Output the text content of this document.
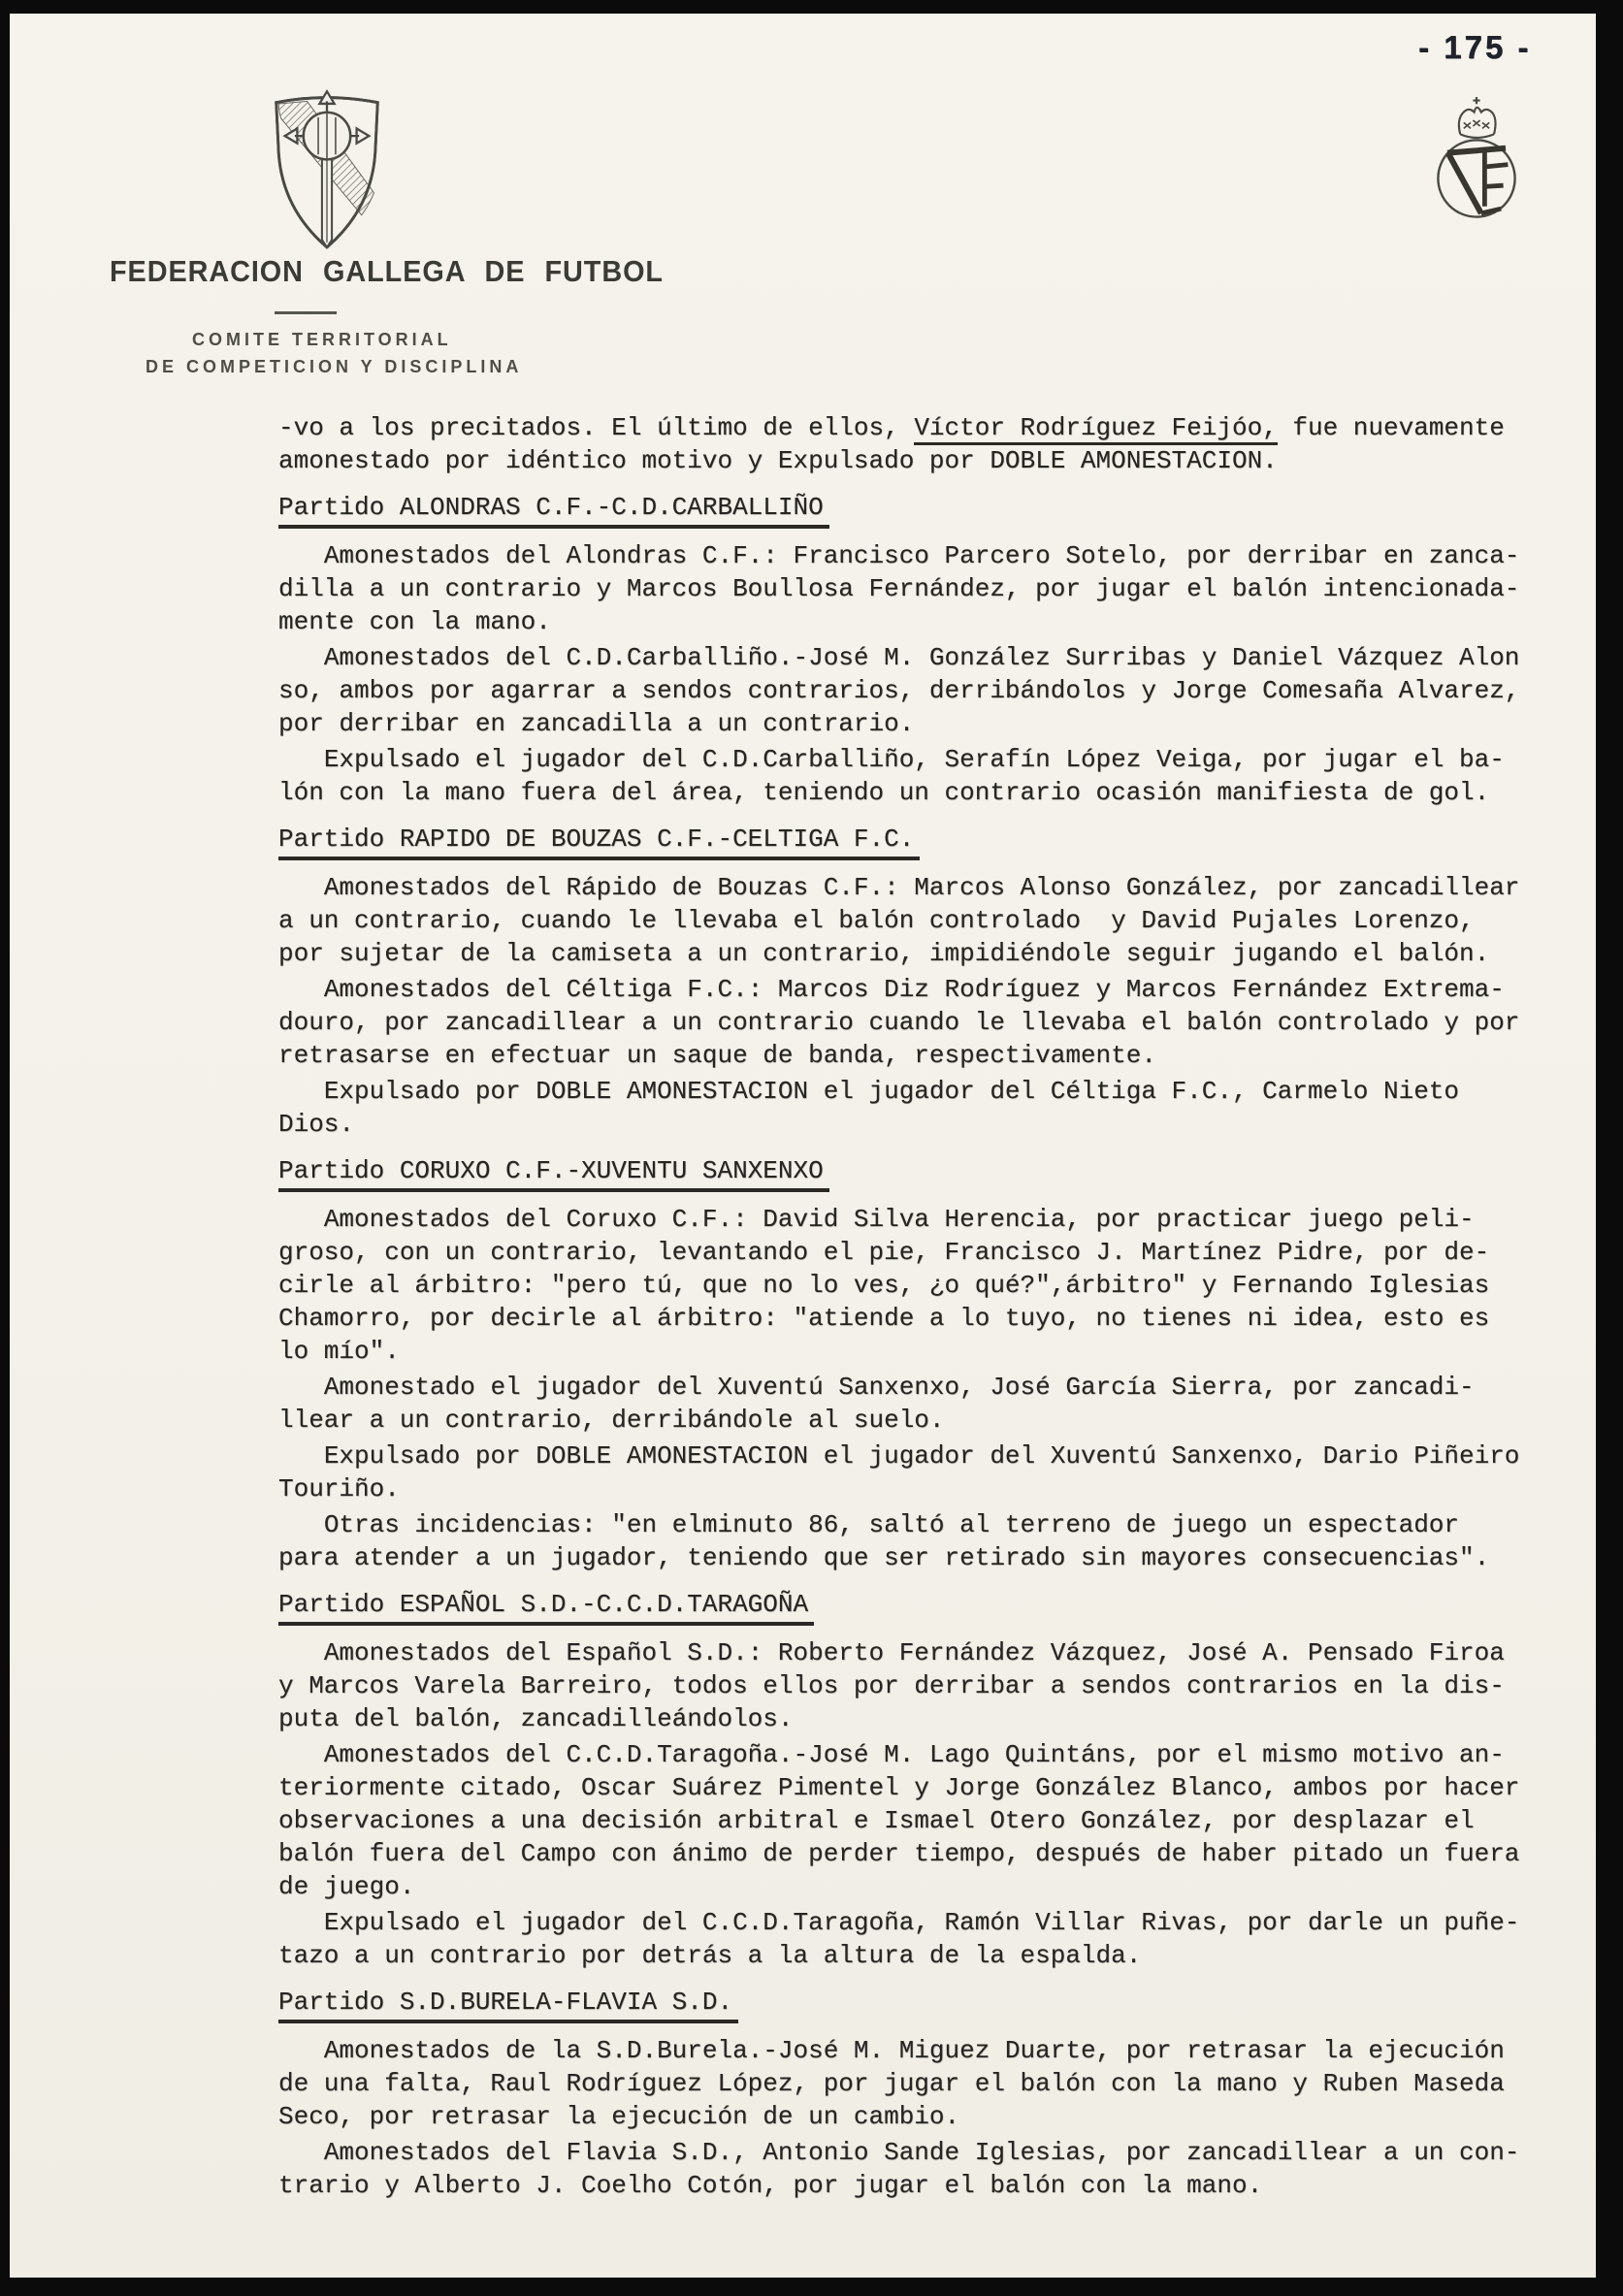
- 175 -
FEDERACION GALLEGA DE FUTBOL
COMITE TERRITORIAL
DE COMPETICION Y DISCIPLINA
-vo a los precitados. El último de ellos, Víctor Rodríguez Feijóo, fue nuevamente
amonestado por idéntico motivo y Expulsado por DOBLE AMONESTACION.
Partido ALONDRAS C.F.-C.D.CARBALLIÑO
Amonestados del Alondras C.F.: Francisco Parcero Sotelo, por derribar en zanca-
dilla a un contrario y Marcos Boullosa Fernández, por jugar el balón intencionada-
mente con la mano.
Amonestados del C.D.Carballiño.-José M. González Surribas y Daniel Vázquez Alon
so, ambos por agarrar a sendos contrarios, derribándolos y Jorge Comesaña Alvarez,
por derribar en zancadilla a un contrario.
Expulsado el jugador del C.D.Carballiño, Serafín López Veiga, por jugar el ba-
lón con la mano fuera del área, teniendo un contrario ocasión manifiesta de gol.
Partido RAPIDO DE BOUZAS C.F.-CELTIGA F.C.
Amonestados del Rápido de Bouzas C.F.: Marcos Alonso González, por zancadillear
a un contrario, cuando le llevaba el balón controlado  y David Pujales Lorenzo,
por sujetar de la camiseta a un contrario, impidiéndole seguir jugando el balón.
Amonestados del Céltiga F.C.: Marcos Diz Rodríguez y Marcos Fernández Extrema-
douro, por zancadillear a un contrario cuando le llevaba el balón controlado y por
retrasarse en efectuar un saque de banda, respectivamente.
Expulsado por DOBLE AMONESTACION el jugador del Céltiga F.C., Carmelo Nieto
Dios.
Partido CORUXO C.F.-XUVENTU SANXENXO
Amonestados del Coruxo C.F.: David Silva Herencia, por practicar juego peli-
groso, con un contrario, levantando el pie, Francisco J. Martínez Pidre, por de-
cirle al árbitro: "pero tú, que no lo ves, ¿o qué?",árbitro" y Fernando Iglesias
Chamorro, por decirle al árbitro: "atiende a lo tuyo, no tienes ni idea, esto es
lo mío".
Amonestado el jugador del Xuventú Sanxenxo, José García Sierra, por zancadi-
llear a un contrario, derribándole al suelo.
Expulsado por DOBLE AMONESTACION el jugador del Xuventú Sanxenxo, Dario Piñeiro
Touriño.
Otras incidencias: "en elminuto 86, saltó al terreno de juego un espectador
para atender a un jugador, teniendo que ser retirado sin mayores consecuencias".
Partido ESPAÑOL S.D.-C.C.D.TARAGOÑA
Amonestados del Español S.D.: Roberto Fernández Vázquez, José A. Pensado Firoa
y Marcos Varela Barreiro, todos ellos por derribar a sendos contrarios en la dis-
puta del balón, zancadilleándolos.
Amonestados del C.C.D.Taragoña.-José M. Lago Quintáns, por el mismo motivo an-
teriormente citado, Oscar Suárez Pimentel y Jorge González Blanco, ambos por hacer
observaciones a una decisión arbitral e Ismael Otero González, por desplazar el
balón fuera del Campo con ánimo de perder tiempo, después de haber pitado un fuera
de juego.
Expulsado el jugador del C.C.D.Taragoña, Ramón Villar Rivas, por darle un puñe-
tazo a un contrario por detrás a la altura de la espalda.
Partido S.D.BURELA-FLAVIA S.D.
Amonestados de la S.D.Burela.-José M. Miguez Duarte, por retrasar la ejecución
de una falta, Raul Rodríguez López, por jugar el balón con la mano y Ruben Maseda
Seco, por retrasar la ejecución de un cambio.
Amonestados del Flavia S.D., Antonio Sande Iglesias, por zancadillear a un con-
trario y Alberto J. Coelho Cotón, por jugar el balón con la mano.
